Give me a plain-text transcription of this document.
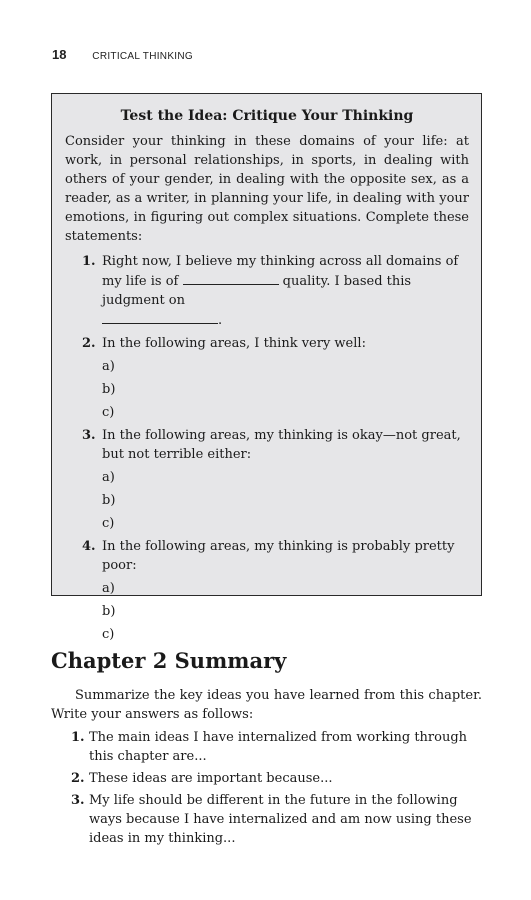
18	CRITICAL THINKING
Test the Idea: Critique Your Thinking
Consider your thinking in these domains of your life: at work, in personal relationships, in sports, in dealing with others of your gender, in dealing with the opposite sex, as a reader, as a writer, in planning your life, in dealing with your emotions, in figuring out complex situations. Complete these statements:
1. Right now, I believe my thinking across all domains of my life is of	quality. I based this judgment on
.
2. In the following areas, I think very well:
a)
b)
c)
3. In the following areas, my thinking is okay—not great, but not terrible either:
a)
b)
c)
4. In the following areas, my thinking is probably pretty poor:
a)
b)
c)
Chapter 2 Summary

Summarize the key ideas you have learned from this chapter. Write your answers as follows:

1. The main ideas I have internalized from working through this chapter are...
2. These ideas are important because...
3. My life should be different in the future in the following ways because I have internalized and am now using these ideas in my thinking...
